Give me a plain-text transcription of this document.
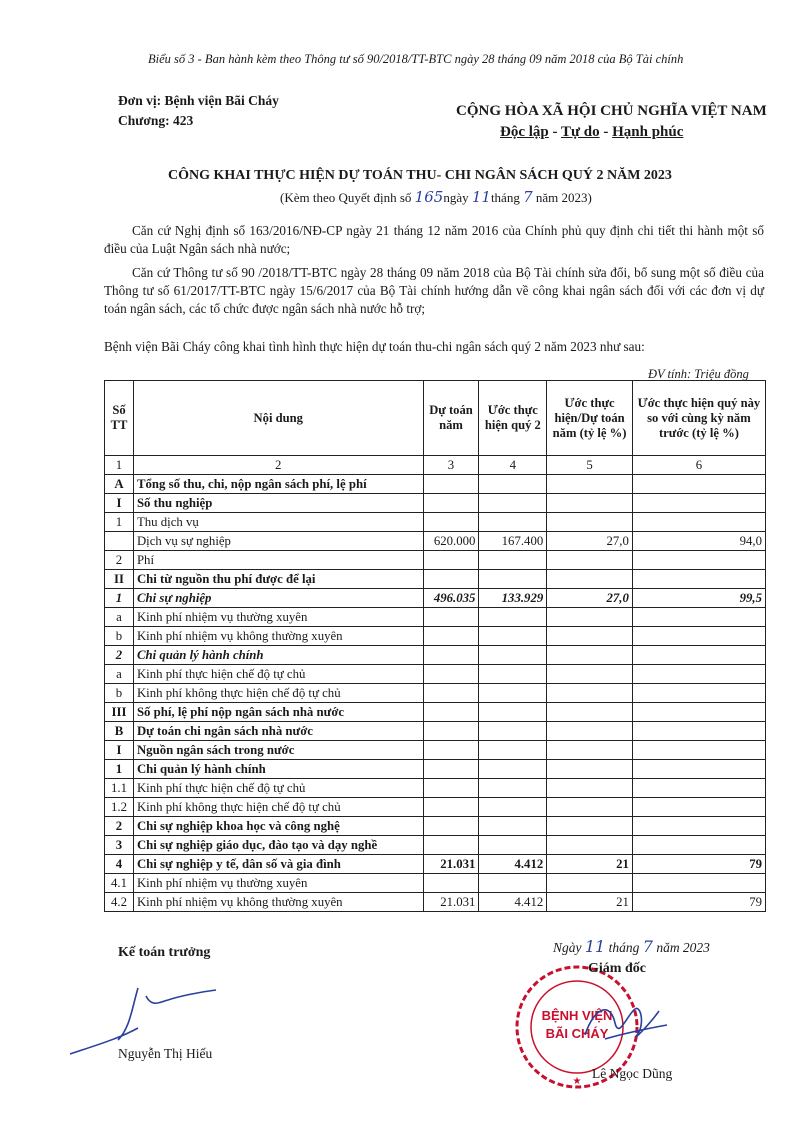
Biểu số 3 - Ban hành kèm theo Thông tư số 90/2018/TT-BTC ngày 28 tháng 09 năm 2018 của Bộ Tài chính
Đơn vị: Bệnh viện Bãi Cháy
Chương: 423
CỘNG HÒA XÃ HỘI CHỦ NGHĨA VIỆT NAM
Độc lập - Tự do - Hạnh phúc
CÔNG KHAI THỰC HIỆN DỰ TOÁN THU- CHI NGÂN SÁCH QUÝ 2 NĂM 2023
(Kèm theo Quyết định số 165ngày 11tháng 7 năm 2023)
Căn cứ Nghị định số 163/2016/NĐ-CP ngày 21 tháng 12 năm 2016 của Chính phủ quy định chi tiết thi hành một số điều của Luật Ngân sách nhà nước;
Căn cứ Thông tư số 90 /2018/TT-BTC ngày 28 tháng 09 năm 2018 của Bộ Tài chính sửa đổi, bổ sung một số điều của Thông tư số 61/2017/TT-BTC ngày 15/6/2017 của Bộ Tài chính hướng dẫn về công khai ngân sách đối với các đơn vị dự toán ngân sách, các tổ chức được ngân sách nhà nước hỗ trợ;
Bệnh viện Bãi Cháy công khai tình hình thực hiện dự toán thu-chi ngân sách quý 2 năm 2023 như sau:
ĐV tính: Triệu đồng
Số TT	Nội dung	Dự toán năm	Ước thực hiện quý 2	Ước thực hiện/Dự toán năm (tỷ lệ %)	Ước thực hiện quý này so với cùng kỳ năm trước (tỷ lệ %)
1	2	3	4	5	6
A	Tổng số thu, chi, nộp ngân sách phí, lệ phí				
I	Số thu nghiệp				
1	Thu dịch vụ				
	Dịch vụ sự nghiệp	620.000	167.400	27,0	94,0
2	Phí				
II	Chi từ nguồn thu phí được để lại				
1	Chi sự nghiệp	496.035	133.929	27,0	99,5
a	Kinh phí nhiệm vụ thường xuyên				
b	Kinh phí nhiệm vụ không thường xuyên				
2	Chi quản lý hành chính				
a	Kinh phí thực hiện chế độ tự chủ				
b	Kinh phí không thực hiện chế độ tự chủ				
III	Số phí, lệ phí nộp ngân sách nhà nước				
B	Dự toán chi ngân sách nhà nước				
I	Nguồn ngân sách trong nước				
1	Chi quản lý hành chính				
1.1	Kinh phí thực hiện chế độ tự chủ				
1.2	Kinh phí không thực hiện chế độ tự chủ				
2	Chi sự nghiệp khoa học và công nghệ				
3	Chi sự nghiệp giáo dục, đào tạo và dạy nghề				
4	Chi sự nghiệp y tế, dân số và gia đình	21.031	4.412	21	79
4.1	Kinh phí nhiệm vụ thường xuyên				
4.2	Kinh phí nhiệm vụ không thường xuyên	21.031	4.412	21	79
Kế toán trưởng
Nguyễn Thị Hiếu
Ngày 11 tháng 7 năm 2023
★
BỆNH VIỆN
BÃI CHÁY
Giám đốc
Lê Ngọc Dũng
